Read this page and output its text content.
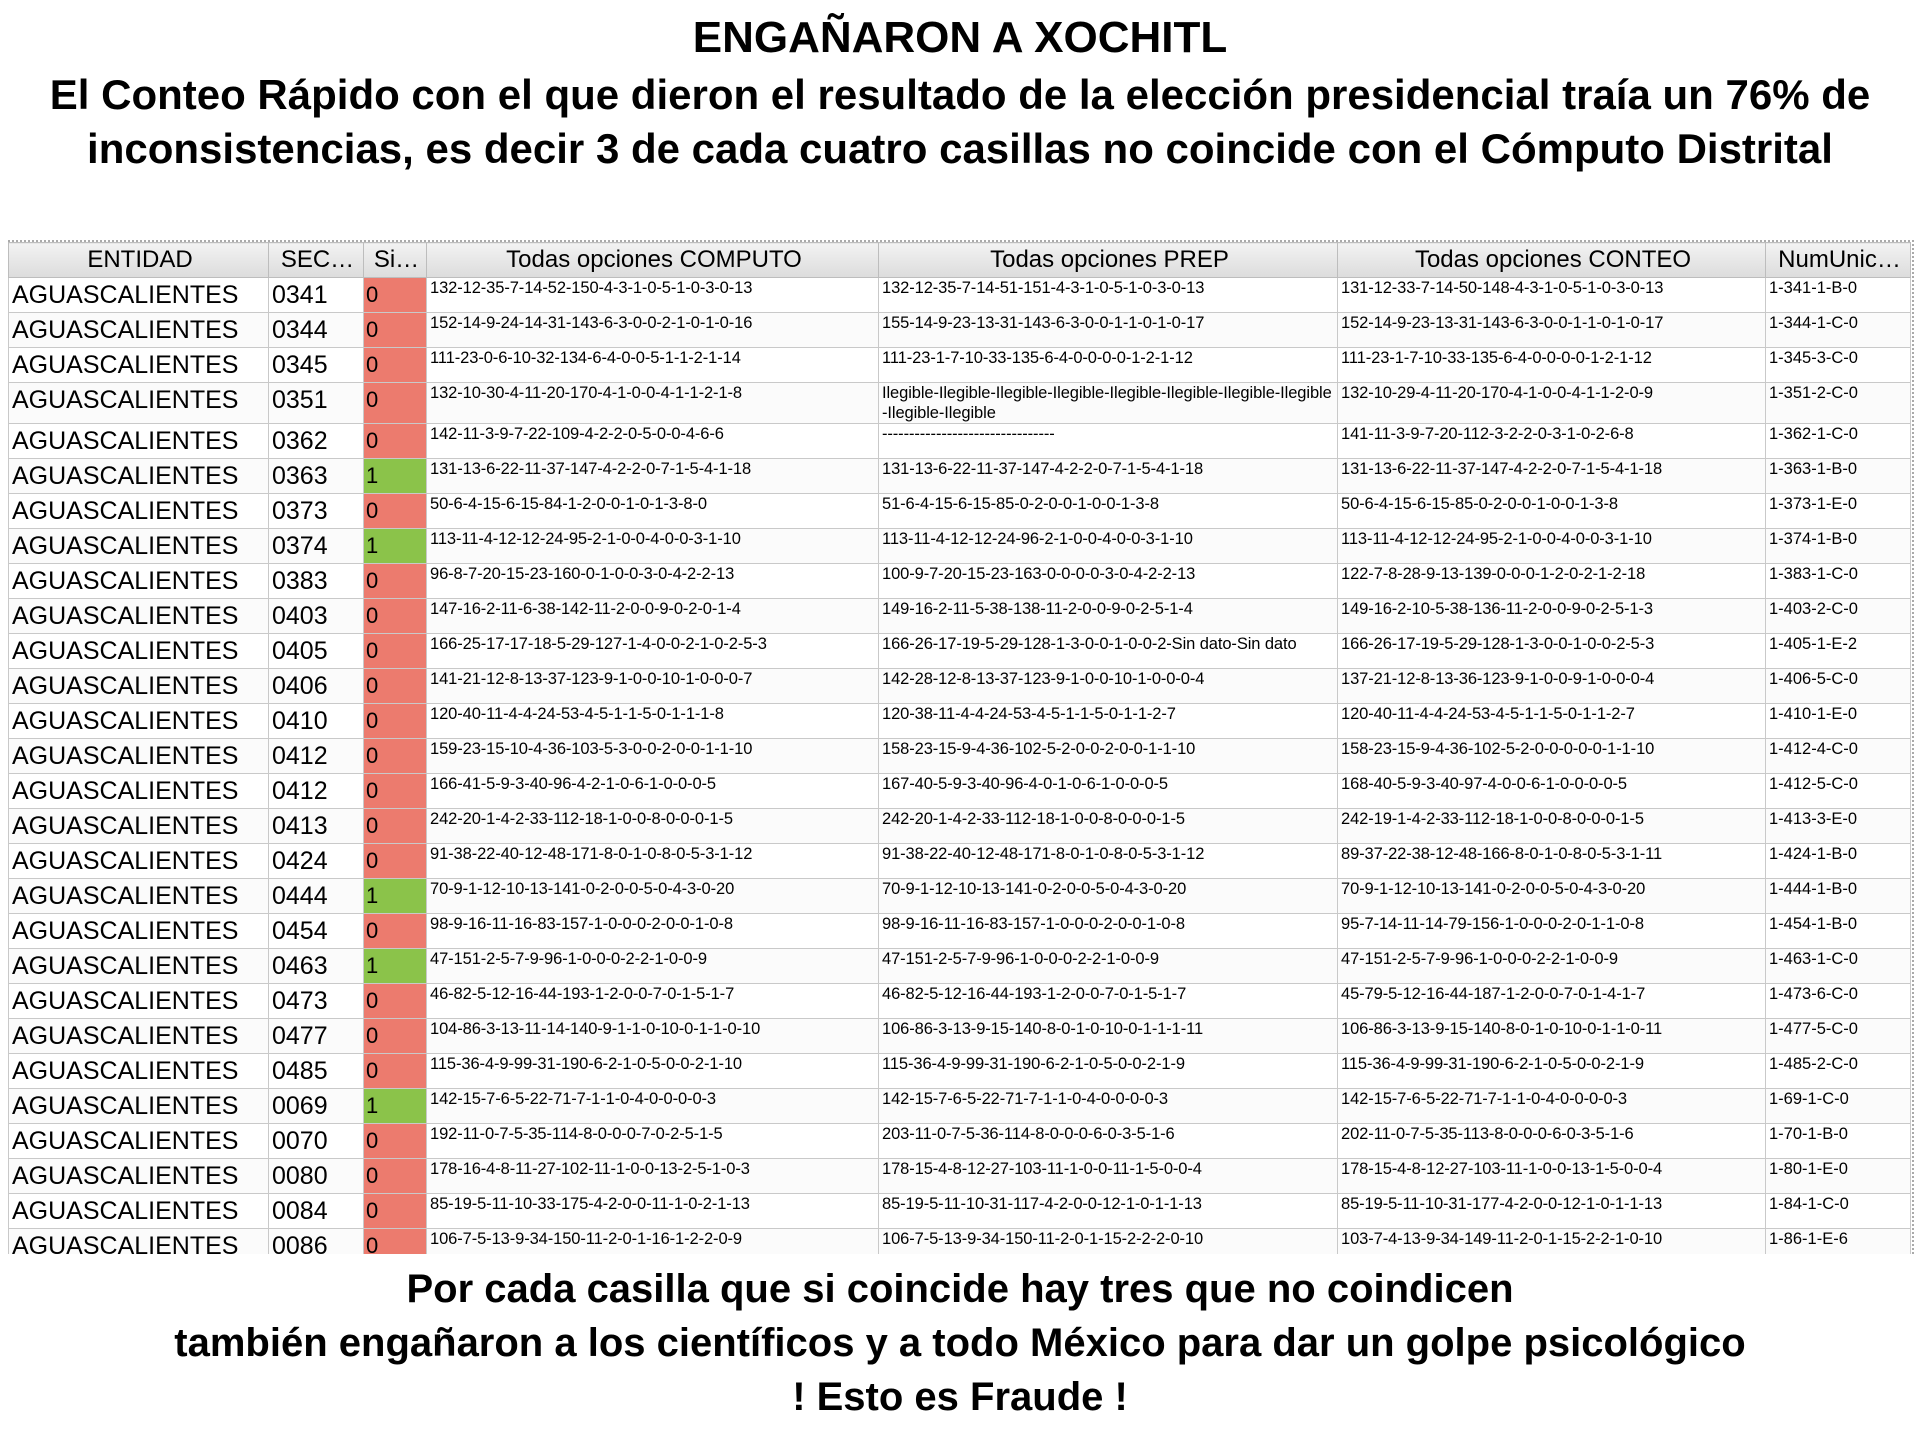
ENGAÑARON A XOCHITL
El Conteo Rápido con el que dieron el resultado de la elección presidencial traía un 76% de inconsistencias, es decir 3 de cada cuatro casillas no coincide con el Cómputo Distrital
ENTIDAD	SEC…	Si…	Todas opciones COMPUTO	Todas opciones PREP	Todas opciones CONTEO	NumUnic…
AGUASCALIENTES	0341	0	132-12-35-7-14-52-150-4-3-1-0-5-1-0-3-0-13	132-12-35-7-14-51-151-4-3-1-0-5-1-0-3-0-13	131-12-33-7-14-50-148-4-3-1-0-5-1-0-3-0-13	1-341-1-B-0
AGUASCALIENTES	0344	0	152-14-9-24-14-31-143-6-3-0-0-2-1-0-1-0-16	155-14-9-23-13-31-143-6-3-0-0-1-1-0-1-0-17	152-14-9-23-13-31-143-6-3-0-0-1-1-0-1-0-17	1-344-1-C-0
AGUASCALIENTES	0345	0	111-23-0-6-10-32-134-6-4-0-0-5-1-1-2-1-14	111-23-1-7-10-33-135-6-4-0-0-0-0-1-2-1-12	111-23-1-7-10-33-135-6-4-0-0-0-0-1-2-1-12	1-345-3-C-0
AGUASCALIENTES	0351	0	132-10-30-4-11-20-170-4-1-0-0-4-1-1-2-1-8	Ilegible-Ilegible-Ilegible-Ilegible-Ilegible-Ilegible-Ilegible-Ilegible-Ilegible-Ilegible	132-10-29-4-11-20-170-4-1-0-0-4-1-1-2-0-9	1-351-2-C-0
AGUASCALIENTES	0362	0	142-11-3-9-7-22-109-4-2-2-0-5-0-0-4-6-6	--------------------------------	141-11-3-9-7-20-112-3-2-2-0-3-1-0-2-6-8	1-362-1-C-0
AGUASCALIENTES	0363	1	131-13-6-22-11-37-147-4-2-2-0-7-1-5-4-1-18	131-13-6-22-11-37-147-4-2-2-0-7-1-5-4-1-18	131-13-6-22-11-37-147-4-2-2-0-7-1-5-4-1-18	1-363-1-B-0
AGUASCALIENTES	0373	0	50-6-4-15-6-15-84-1-2-0-0-1-0-1-3-8-0	51-6-4-15-6-15-85-0-2-0-0-1-0-0-1-3-8	50-6-4-15-6-15-85-0-2-0-0-1-0-0-1-3-8	1-373-1-E-0
AGUASCALIENTES	0374	1	113-11-4-12-12-24-95-2-1-0-0-4-0-0-3-1-10	113-11-4-12-12-24-96-2-1-0-0-4-0-0-3-1-10	113-11-4-12-12-24-95-2-1-0-0-4-0-0-3-1-10	1-374-1-B-0
AGUASCALIENTES	0383	0	96-8-7-20-15-23-160-0-1-0-0-3-0-4-2-2-13	100-9-7-20-15-23-163-0-0-0-0-3-0-4-2-2-13	122-7-8-28-9-13-139-0-0-0-1-2-0-2-1-2-18	1-383-1-C-0
AGUASCALIENTES	0403	0	147-16-2-11-6-38-142-11-2-0-0-9-0-2-0-1-4	149-16-2-11-5-38-138-11-2-0-0-9-0-2-5-1-4	149-16-2-10-5-38-136-11-2-0-0-9-0-2-5-1-3	1-403-2-C-0
AGUASCALIENTES	0405	0	166-25-17-17-18-5-29-127-1-4-0-0-2-1-0-2-5-3	166-26-17-19-5-29-128-1-3-0-0-1-0-0-2-Sin dato-Sin dato	166-26-17-19-5-29-128-1-3-0-0-1-0-0-2-5-3	1-405-1-E-2
AGUASCALIENTES	0406	0	141-21-12-8-13-37-123-9-1-0-0-10-1-0-0-0-7	142-28-12-8-13-37-123-9-1-0-0-10-1-0-0-0-4	137-21-12-8-13-36-123-9-1-0-0-9-1-0-0-0-4	1-406-5-C-0
AGUASCALIENTES	0410	0	120-40-11-4-4-24-53-4-5-1-1-5-0-1-1-1-8	120-38-11-4-4-24-53-4-5-1-1-5-0-1-1-2-7	120-40-11-4-4-24-53-4-5-1-1-5-0-1-1-2-7	1-410-1-E-0
AGUASCALIENTES	0412	0	159-23-15-10-4-36-103-5-3-0-0-2-0-0-1-1-10	158-23-15-9-4-36-102-5-2-0-0-2-0-0-1-1-10	158-23-15-9-4-36-102-5-2-0-0-0-0-0-1-1-10	1-412-4-C-0
AGUASCALIENTES	0412	0	166-41-5-9-3-40-96-4-2-1-0-6-1-0-0-0-5	167-40-5-9-3-40-96-4-0-1-0-6-1-0-0-0-5	168-40-5-9-3-40-97-4-0-0-6-1-0-0-0-0-5	1-412-5-C-0
AGUASCALIENTES	0413	0	242-20-1-4-2-33-112-18-1-0-0-8-0-0-0-1-5	242-20-1-4-2-33-112-18-1-0-0-8-0-0-0-1-5	242-19-1-4-2-33-112-18-1-0-0-8-0-0-0-1-5	1-413-3-E-0
AGUASCALIENTES	0424	0	91-38-22-40-12-48-171-8-0-1-0-8-0-5-3-1-12	91-38-22-40-12-48-171-8-0-1-0-8-0-5-3-1-12	89-37-22-38-12-48-166-8-0-1-0-8-0-5-3-1-11	1-424-1-B-0
AGUASCALIENTES	0444	1	70-9-1-12-10-13-141-0-2-0-0-5-0-4-3-0-20	70-9-1-12-10-13-141-0-2-0-0-5-0-4-3-0-20	70-9-1-12-10-13-141-0-2-0-0-5-0-4-3-0-20	1-444-1-B-0
AGUASCALIENTES	0454	0	98-9-16-11-16-83-157-1-0-0-0-2-0-0-1-0-8	98-9-16-11-16-83-157-1-0-0-0-2-0-0-1-0-8	95-7-14-11-14-79-156-1-0-0-0-2-0-1-1-0-8	1-454-1-B-0
AGUASCALIENTES	0463	1	47-151-2-5-7-9-96-1-0-0-0-2-2-1-0-0-9	47-151-2-5-7-9-96-1-0-0-0-2-2-1-0-0-9	47-151-2-5-7-9-96-1-0-0-0-2-2-1-0-0-9	1-463-1-C-0
AGUASCALIENTES	0473	0	46-82-5-12-16-44-193-1-2-0-0-7-0-1-5-1-7	46-82-5-12-16-44-193-1-2-0-0-7-0-1-5-1-7	45-79-5-12-16-44-187-1-2-0-0-7-0-1-4-1-7	1-473-6-C-0
AGUASCALIENTES	0477	0	104-86-3-13-11-14-140-9-1-1-0-10-0-1-1-0-10	106-86-3-13-9-15-140-8-0-1-0-10-0-1-1-1-11	106-86-3-13-9-15-140-8-0-1-0-10-0-1-1-0-11	1-477-5-C-0
AGUASCALIENTES	0485	0	115-36-4-9-99-31-190-6-2-1-0-5-0-0-2-1-10	115-36-4-9-99-31-190-6-2-1-0-5-0-0-2-1-9	115-36-4-9-99-31-190-6-2-1-0-5-0-0-2-1-9	1-485-2-C-0
AGUASCALIENTES	0069	1	142-15-7-6-5-22-71-7-1-1-0-4-0-0-0-0-3	142-15-7-6-5-22-71-7-1-1-0-4-0-0-0-0-3	142-15-7-6-5-22-71-7-1-1-0-4-0-0-0-0-3	1-69-1-C-0
AGUASCALIENTES	0070	0	192-11-0-7-5-35-114-8-0-0-0-7-0-2-5-1-5	203-11-0-7-5-36-114-8-0-0-0-6-0-3-5-1-6	202-11-0-7-5-35-113-8-0-0-0-6-0-3-5-1-6	1-70-1-B-0
AGUASCALIENTES	0080	0	178-16-4-8-11-27-102-11-1-0-0-13-2-5-1-0-3	178-15-4-8-12-27-103-11-1-0-0-11-1-5-0-0-4	178-15-4-8-12-27-103-11-1-0-0-13-1-5-0-0-4	1-80-1-E-0
AGUASCALIENTES	0084	0	85-19-5-11-10-33-175-4-2-0-0-11-1-0-2-1-13	85-19-5-11-10-31-117-4-2-0-0-12-1-0-1-1-13	85-19-5-11-10-31-177-4-2-0-0-12-1-0-1-1-13	1-84-1-C-0
AGUASCALIENTES	0086	0	106-7-5-13-9-34-150-11-2-0-1-16-1-2-2-0-9	106-7-5-13-9-34-150-11-2-0-1-15-2-2-2-0-10	103-7-4-13-9-34-149-11-2-0-1-15-2-2-1-0-10	1-86-1-E-6

Por cada casilla que si coincide hay tres que no coindicen
también engañaron a los científicos y a todo México para dar un golpe psicológico
! Esto es Fraude !
